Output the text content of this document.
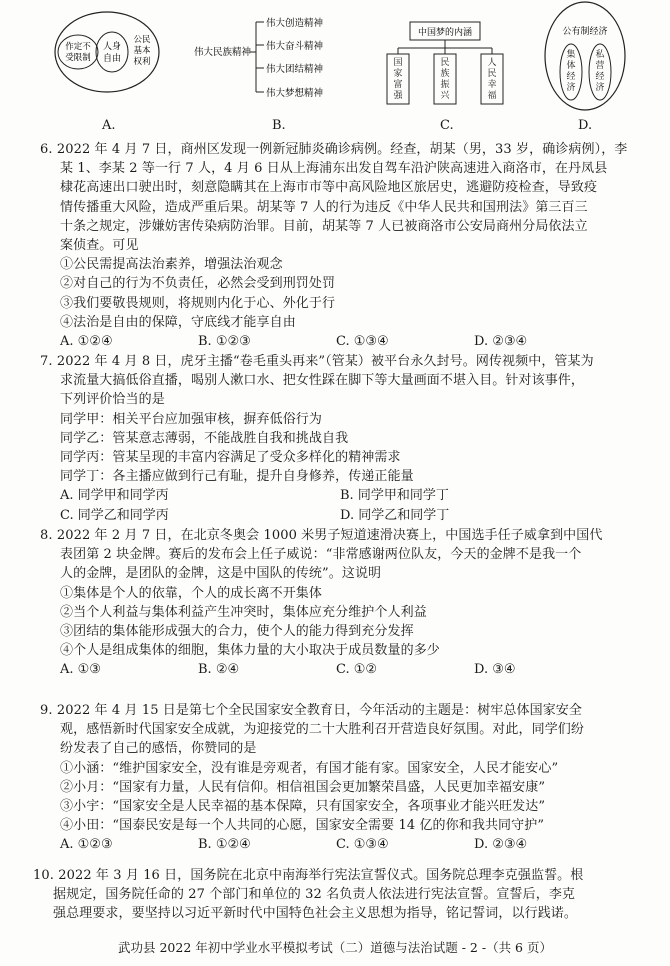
作定不
受限制
人身
自由
公民
基本
权利
A.
伟大民族精神
伟大创造精神
伟大奋斗精神
伟大团结精神
伟大梦想精神
B.
中国梦的内涵
国
家
富
强
民
族
振
兴
人
民
幸
福
C.
公有制经济
集
体
经
济
私
营
经
济
D.
6. 2022 年 4 月 7 日，商州区发现一例新冠肺炎确诊病例。经查，胡某（男，33 岁，确诊病例），李
某 1、李某 2 等一行 7 人，4 月 6 日从上海浦东出发自驾车沿沪陕高速进入商洛市，在丹凤县
棣花高速出口驶出时，刻意隐瞒其在上海市市等中高风险地区旅居史，逃避防疫检查，导致疫
情传播重大风险，造成严重后果。胡某等 7 人的行为违反《中华人民共和国刑法》第三百三
十条之规定，涉嫌妨害传染病防治罪。目前，胡某等 7 人已被商洛市公安局商州分局依法立
案侦查。可见
①公民需提高法治素养，增强法治观念
②对自己的行为不负责任，必然会受到刑罚处罚
③我们要敬畏规则，将规则内化于心、外化于行
④法治是自由的保障，守底线才能享自由
A. ①②④	B. ①②③	C. ①③④	D. ②③④
7. 2022 年 4 月 8 日，虎牙主播“卷毛重头再来”（管某）被平台永久封号。网传视频中，管某为
求流量大搞低俗直播，喝别人漱口水、把女性踩在脚下等大量画面不堪入目。针对该事件，
下列评价恰当的是
同学甲：相关平台应加强审核，摒弃低俗行为
同学乙：管某意志薄弱，不能战胜自我和挑战自我
同学丙：管某呈现的丰富内容满足了受众多样化的精神需求
同学丁：各主播应做到行己有耻，提升自身修养，传递正能量
A. 同学甲和同学丙	B. 同学甲和同学丁
C. 同学乙和同学丙	D. 同学乙和同学丁
8. 2022 年 2 月 7 日，在北京冬奥会 1000 米男子短道速滑决赛上，中国选手任子威拿到中国代
表团第 2 块金牌。赛后的发布会上任子威说：“非常感谢两位队友，今天的金牌不是我一个
人的金牌，是团队的金牌，这是中国队的传统”。这说明
①集体是个人的依靠，个人的成长离不开集体
②当个人利益与集体利益产生冲突时，集体应充分维护个人利益
③团结的集体能形成强大的合力，使个人的能力得到充分发挥
④个人是组成集体的细胞，集体力量的大小取决于成员数量的多少
A. ①③	B. ②④	C. ①②	D. ③④
9. 2022 年 4 月 15 日是第七个全民国家安全教育日，今年活动的主题是：树牢总体国家安全
观，感悟新时代国家安全成就，为迎接党的二十大胜利召开营造良好氛围。对此，同学们纷
纷发表了自己的感悟，你赞同的是
①小涵：“维护国家安全，没有谁是旁观者，有国才能有家。国家安全，人民才能安心”
②小月：“国家有力量，人民有信仰。相信祖国会更加繁荣昌盛，人民更加幸福安康”
③小宇：“国家安全是人民幸福的基本保障，只有国家安全，各项事业才能兴旺发达”
④小田：“国泰民安是每一个人共同的心愿，国家安全需要 14 亿的你和我共同守护”
A. ①②③	B. ①②④	C. ①③④	D. ②③④
10. 2022 年 3 月 16 日，国务院在北京中南海举行宪法宣誓仪式。国务院总理李克强监誓。根
据规定，国务院任命的 27 个部门和单位的 32 名负责人依法进行宪法宣誓。宣誓后，李克
强总理要求，要坚持以习近平新时代中国特色社会主义思想为指导，铭记誓词，以行践诺。
武功县 2022 年初中学业水平模拟考试（二）道德与法治试题 - 2 -（共 6 页）
